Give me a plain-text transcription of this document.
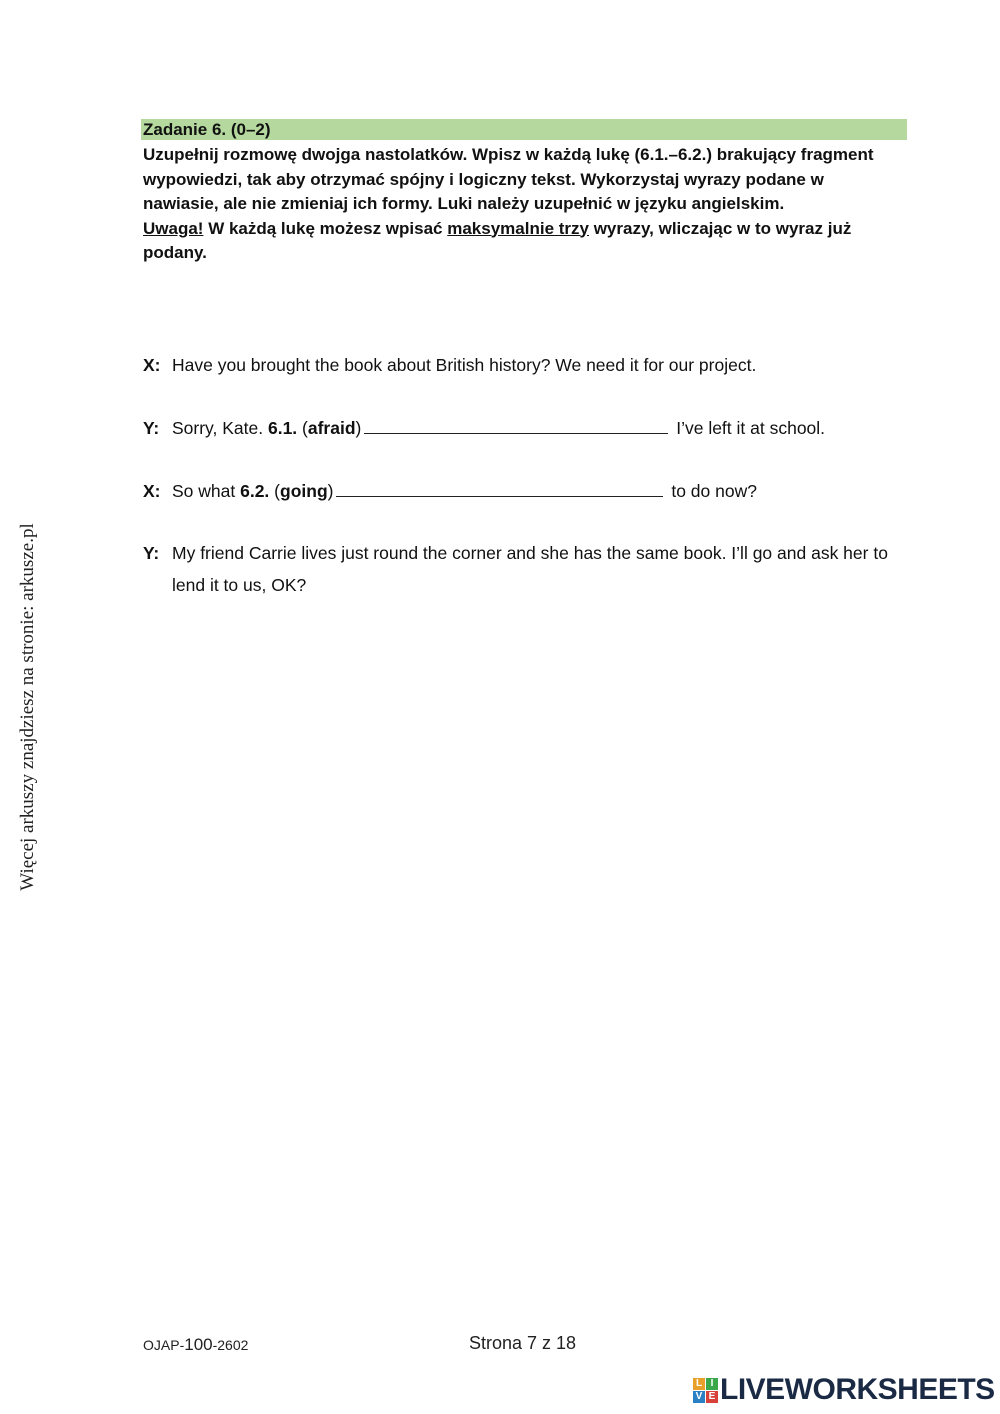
Zadanie 6. (0–2)

Uzupełnij rozmowę dwojga nastolatków. Wpisz w każdą lukę (6.1.–6.2.) brakujący fragment wypowiedzi, tak aby otrzymać spójny i logiczny tekst. Wykorzystaj wyrazy podane w nawiasie, ale nie zmieniaj ich formy. Luki należy uzupełnić w języku angielskim.

Uwaga! W każdą lukę możesz wpisać maksymalnie trzy wyrazy, wliczając w to wyraz już podany.

X: Have you brought the book about British history? We need it for our project.
Y: Sorry, Kate. 6.1. (afraid)	I’ve left it at school.
X: So what 6.2. (going)	to do now?
Y: My friend Carrie lives just round the corner and she has the same book. I’ll go and ask her to lend it to us, OK?
Więcej arkuszy znajdziesz na stronie: arkusze.pl
OJAP-100-2602	Strona 7 z 18
L I
V E LIVEWORKSHEETS
